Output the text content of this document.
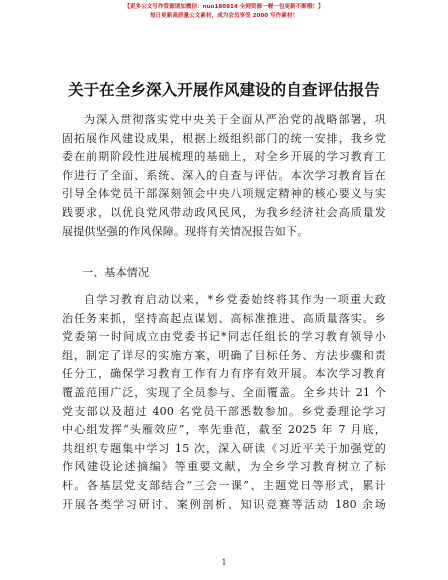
【更多公文写作资源请加微信：nuo180914 全网资源一喔一包更新不断哦！】
每日更新高质量公文素材，成为会员享受 2000 写作素材！
关于在全乡深入开展作风建设的自查评估报告
为深入贯彻落实党中央关于全面从严治党的战略部署，巩
固拓展作风建设成果，根据上级组织部门的统一安排，我乡党
委在前期阶段性进展梳理的基础上，对全乡开展的学习教育工
作进行了全面、系统、深入的自查与评估。本次学习教育旨在
引导全体党员干部深刻领会中央八项规定精神的核心要义与实
践要求，以优良党风带动政风民风，为我乡经济社会高质量发
展提供坚强的作风保障。现将有关情况报告如下。
一、基本情况
自学习教育启动以来，*乡党委始终将其作为一项重大政
治任务来抓，坚持高起点谋划、高标准推进、高质量落实。乡
党委第一时间成立由党委书记*同志任组长的学习教育领导小
组，制定了详尽的实施方案，明确了目标任务、方法步骤和责
任分工，确保学习教育工作有力有序有效开展。本次学习教育
覆盖范围广泛，实现了全员参与、全面覆盖。全乡共计 21 个
党支部以及超过 400 名党员干部悉数参加。乡党委理论学习
中心组发挥“头雁效应”，率先垂范，截至 2025 年 7 月底，
共组织专题集中学习 15 次，深入研读《习近平关于加强党的
作风建设论述摘编》等重要文献，为全乡学习教育树立了标
杆。各基层党支部结合“三会一课”、主题党日等形式，累计
开展各类学习研讨、案例剖析、知识竞赛等活动 180 余场
1
